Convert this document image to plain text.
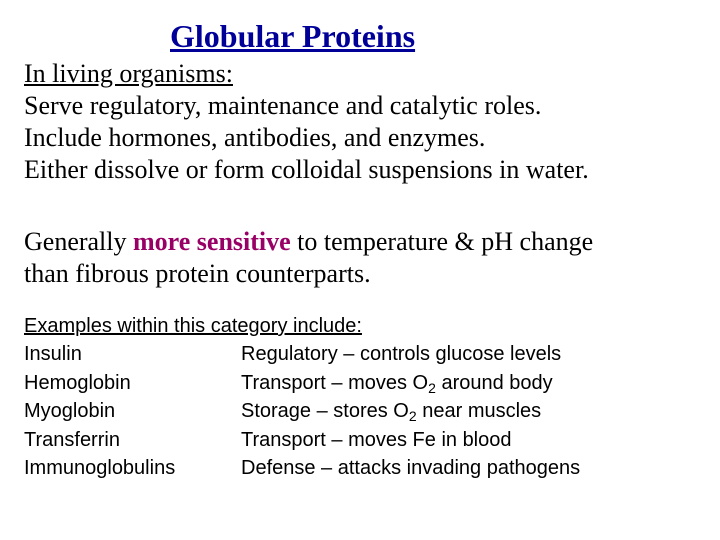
Globular Proteins
In living organisms:
Serve regulatory, maintenance and catalytic roles.
Include hormones, antibodies, and enzymes.
Either dissolve or form colloidal suspensions in water.
Generally more sensitive to temperature & pH change
than fibrous protein counterparts.
Examples within this category include:
Insulin	Regulatory – controls glucose levels
Hemoglobin	Transport – moves $O_2$ around body
Myoglobin	Storage – stores $O_2$ near muscles
Transferrin	Transport – moves Fe in blood
Immunoglobulins	Defense – attacks invading pathogens
